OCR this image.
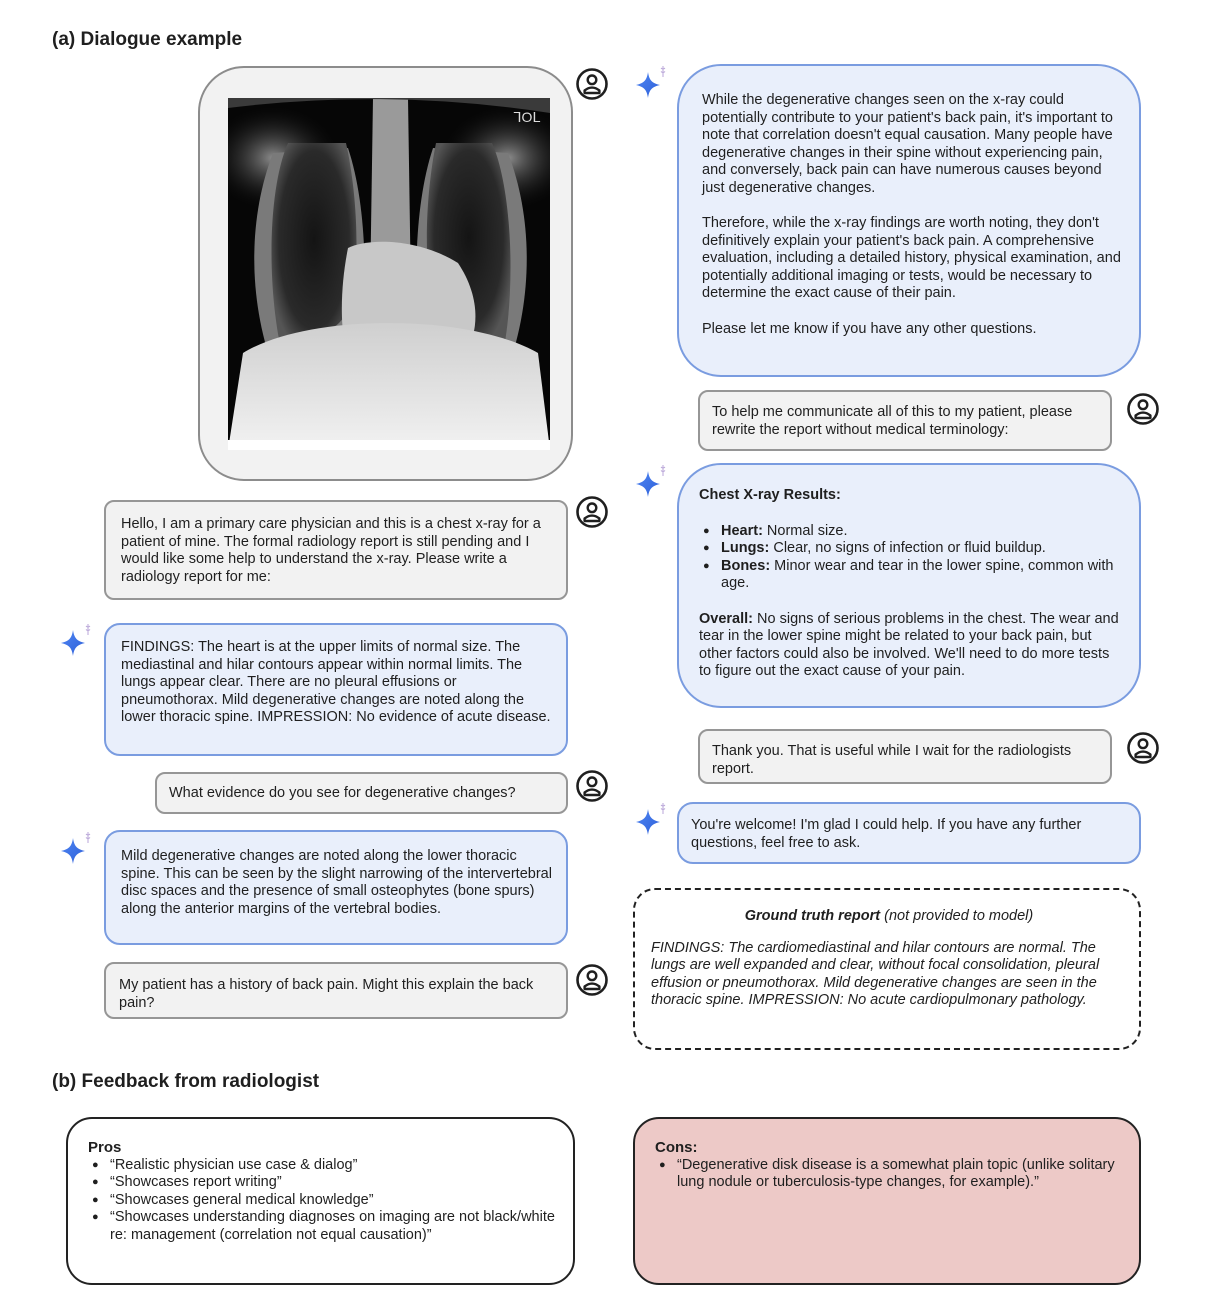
(a) Dialogue example
ᒣOᒪ

Hello, I am a primary care physician and this is a chest x-ray for a patient of mine. The formal radiology report is still pending and I would like some help to understand the x-ray. Please write a radiology report for me:

FINDINGS: The heart is at the upper limits of normal size. The mediastinal and hilar contours appear within normal limits. The lungs appear clear. There are no pleural effusions or pneumothorax. Mild degenerative changes are noted along the lower thoracic spine. IMPRESSION: No evidence of acute disease.

What evidence do you see for degenerative changes?

Mild degenerative changes are noted along the lower thoracic spine. This can be seen by the slight narrowing of the intervertebral disc spaces and the presence of small osteophytes (bone spurs) along the anterior margins of the vertebral bodies.

My patient has a history of back pain. Might this explain the back pain?

While the degenerative changes seen on the x-ray could potentially contribute to your patient's back pain, it's important to note that correlation doesn't equal causation. Many people have degenerative changes in their spine without experiencing pain, and conversely, back pain can have numerous causes beyond just degenerative changes.

Therefore, while the x-ray findings are worth noting, they don't definitively explain your patient's back pain. A comprehensive evaluation, including a detailed history, physical examination, and potentially additional imaging or tests, would be necessary to determine the exact cause of their pain.

Please let me know if you have any other questions.

To help me communicate all of this to my patient, please rewrite the report without medical terminology:

Chest X-ray Results:

● Heart: Normal size.
● Lungs: Clear, no signs of infection or fluid buildup.
● Bones: Minor wear and tear in the lower spine, common with age.

Overall: No signs of serious problems in the chest. The wear and tear in the lower spine might be related to your back pain, but other factors could also be involved. We'll need to do more tests to figure out the exact cause of your pain.

Thank you. That is useful while I wait for the radiologists report.

You're welcome! I'm glad I could help. If you have any further questions, feel free to ask.

Ground truth report (not provided to model)

FINDINGS: The cardiomediastinal and hilar contours are normal. The lungs are well expanded and clear, without focal consolidation, pleural effusion or pneumothorax. Mild degenerative changes are seen in the thoracic spine. IMPRESSION: No acute cardiopulmonary pathology.

(b) Feedback from radiologist
Pros
● “Realistic physician use case & dialog”
● “Showcases report writing”
● “Showcases general medical knowledge”
● “Showcases understanding diagnoses on imaging are not black/white re: management (correlation not equal causation)”
Cons:
● “Degenerative disk disease is a somewhat plain topic (unlike solitary lung nodule or tuberculosis-type changes, for example).”
